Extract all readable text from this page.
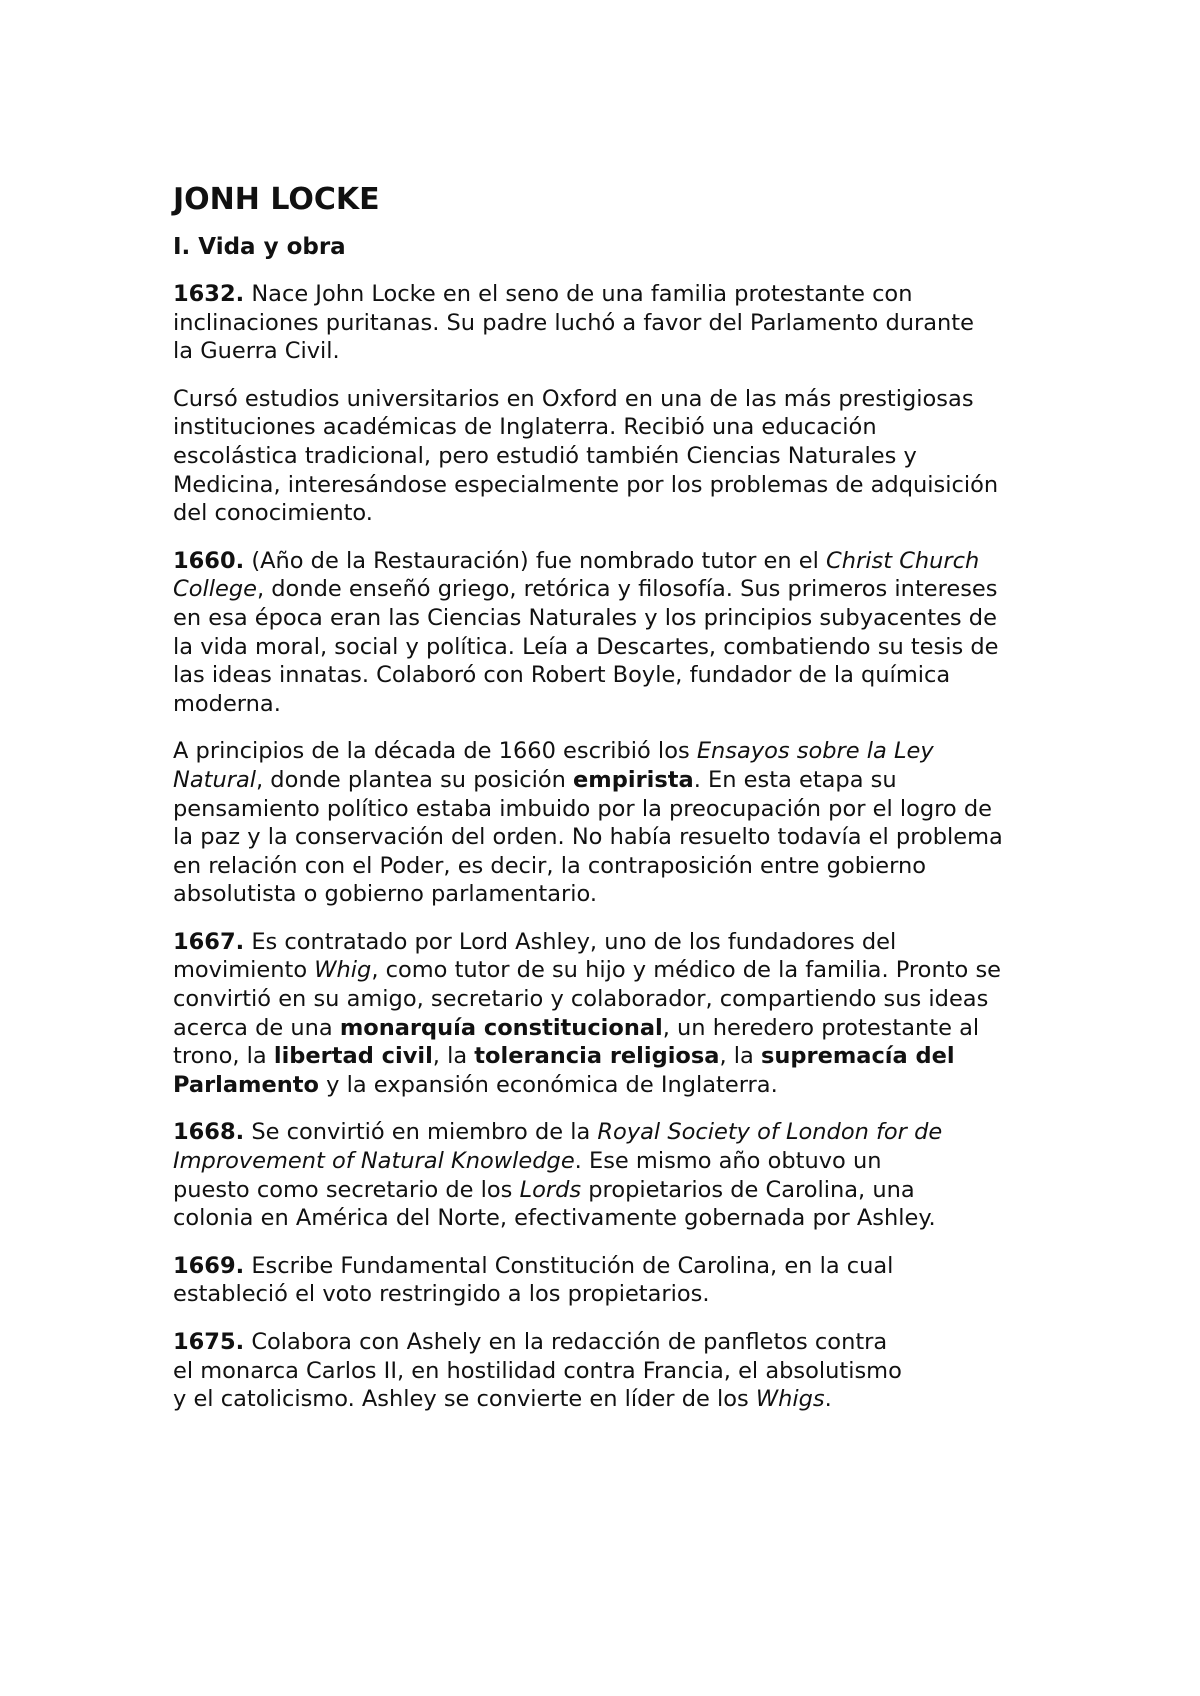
JONH LOCKE
I. Vida y obra

1632. Nace John Locke en el seno de una familia protestante con
inclinaciones puritanas. Su padre luchó a favor del Parlamento durante
la Guerra Civil.

Cursó estudios universitarios en Oxford en una de las más prestigiosas
instituciones académicas de Inglaterra. Recibió una educación
escolástica tradicional, pero estudió también Ciencias Naturales y
Medicina, interesándose especialmente por los problemas de adquisición
del conocimiento.

1660. (Año de la Restauración) fue nombrado tutor en el Christ Church
College, donde enseñó griego, retórica y filosofía. Sus primeros intereses
en esa época eran las Ciencias Naturales y los principios subyacentes de
la vida moral, social y política. Leía a Descartes, combatiendo su tesis de
las ideas innatas. Colaboró con Robert Boyle, fundador de la química
moderna.

A principios de la década de 1660 escribió los Ensayos sobre la Ley
Natural, donde plantea su posición empirista. En esta etapa su
pensamiento político estaba imbuido por la preocupación por el logro de
la paz y la conservación del orden. No había resuelto todavía el problema
en relación con el Poder, es decir, la contraposición entre gobierno
absolutista o gobierno parlamentario.

1667. Es contratado por Lord Ashley, uno de los fundadores del
movimiento Whig, como tutor de su hijo y médico de la familia. Pronto se
convirtió en su amigo, secretario y colaborador, compartiendo sus ideas
acerca de una monarquía constitucional, un heredero protestante al
trono, la libertad civil, la tolerancia religiosa, la supremacía del
Parlamento y la expansión económica de Inglaterra.

1668. Se convirtió en miembro de la Royal Society of London for de
Improvement of Natural Knowledge. Ese mismo año obtuvo un
puesto como secretario de los Lords propietarios de Carolina, una
colonia en América del Norte, efectivamente gobernada por Ashley.

1669. Escribe Fundamental Constitución de Carolina, en la cual
estableció el voto restringido a los propietarios.

1675. Colabora con Ashely en la redacción de panfletos contra
el monarca Carlos II, en hostilidad contra Francia, el absolutismo
y el catolicismo. Ashley se convierte en líder de los Whigs.
